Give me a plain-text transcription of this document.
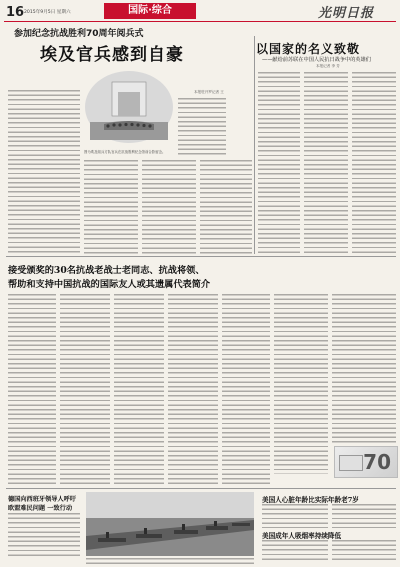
16 2015年9月5日 星期六	国际·综合	光明日报
参加纪念抗战胜利70周年阅兵式
埃及官兵感到自豪
本报驻开罗记者 王
图为埃及阅兵方队官兵在抗战胜利纪念馆前合影留念。
以国家的名义致敬
——献给前苏联在中国人民抗日战争中的英雄们
本报记者 李 芳
接受颁奖的30名抗战老战士老同志、抗战将领、
帮助和支持中国抗战的国际友人或其遗属代表简介
70
德国向西班牙领导人呼吁
欧盟难民问题 一致行动
美国人心脏年龄比实际年龄老7岁
美国成年人吸烟率持续降低
